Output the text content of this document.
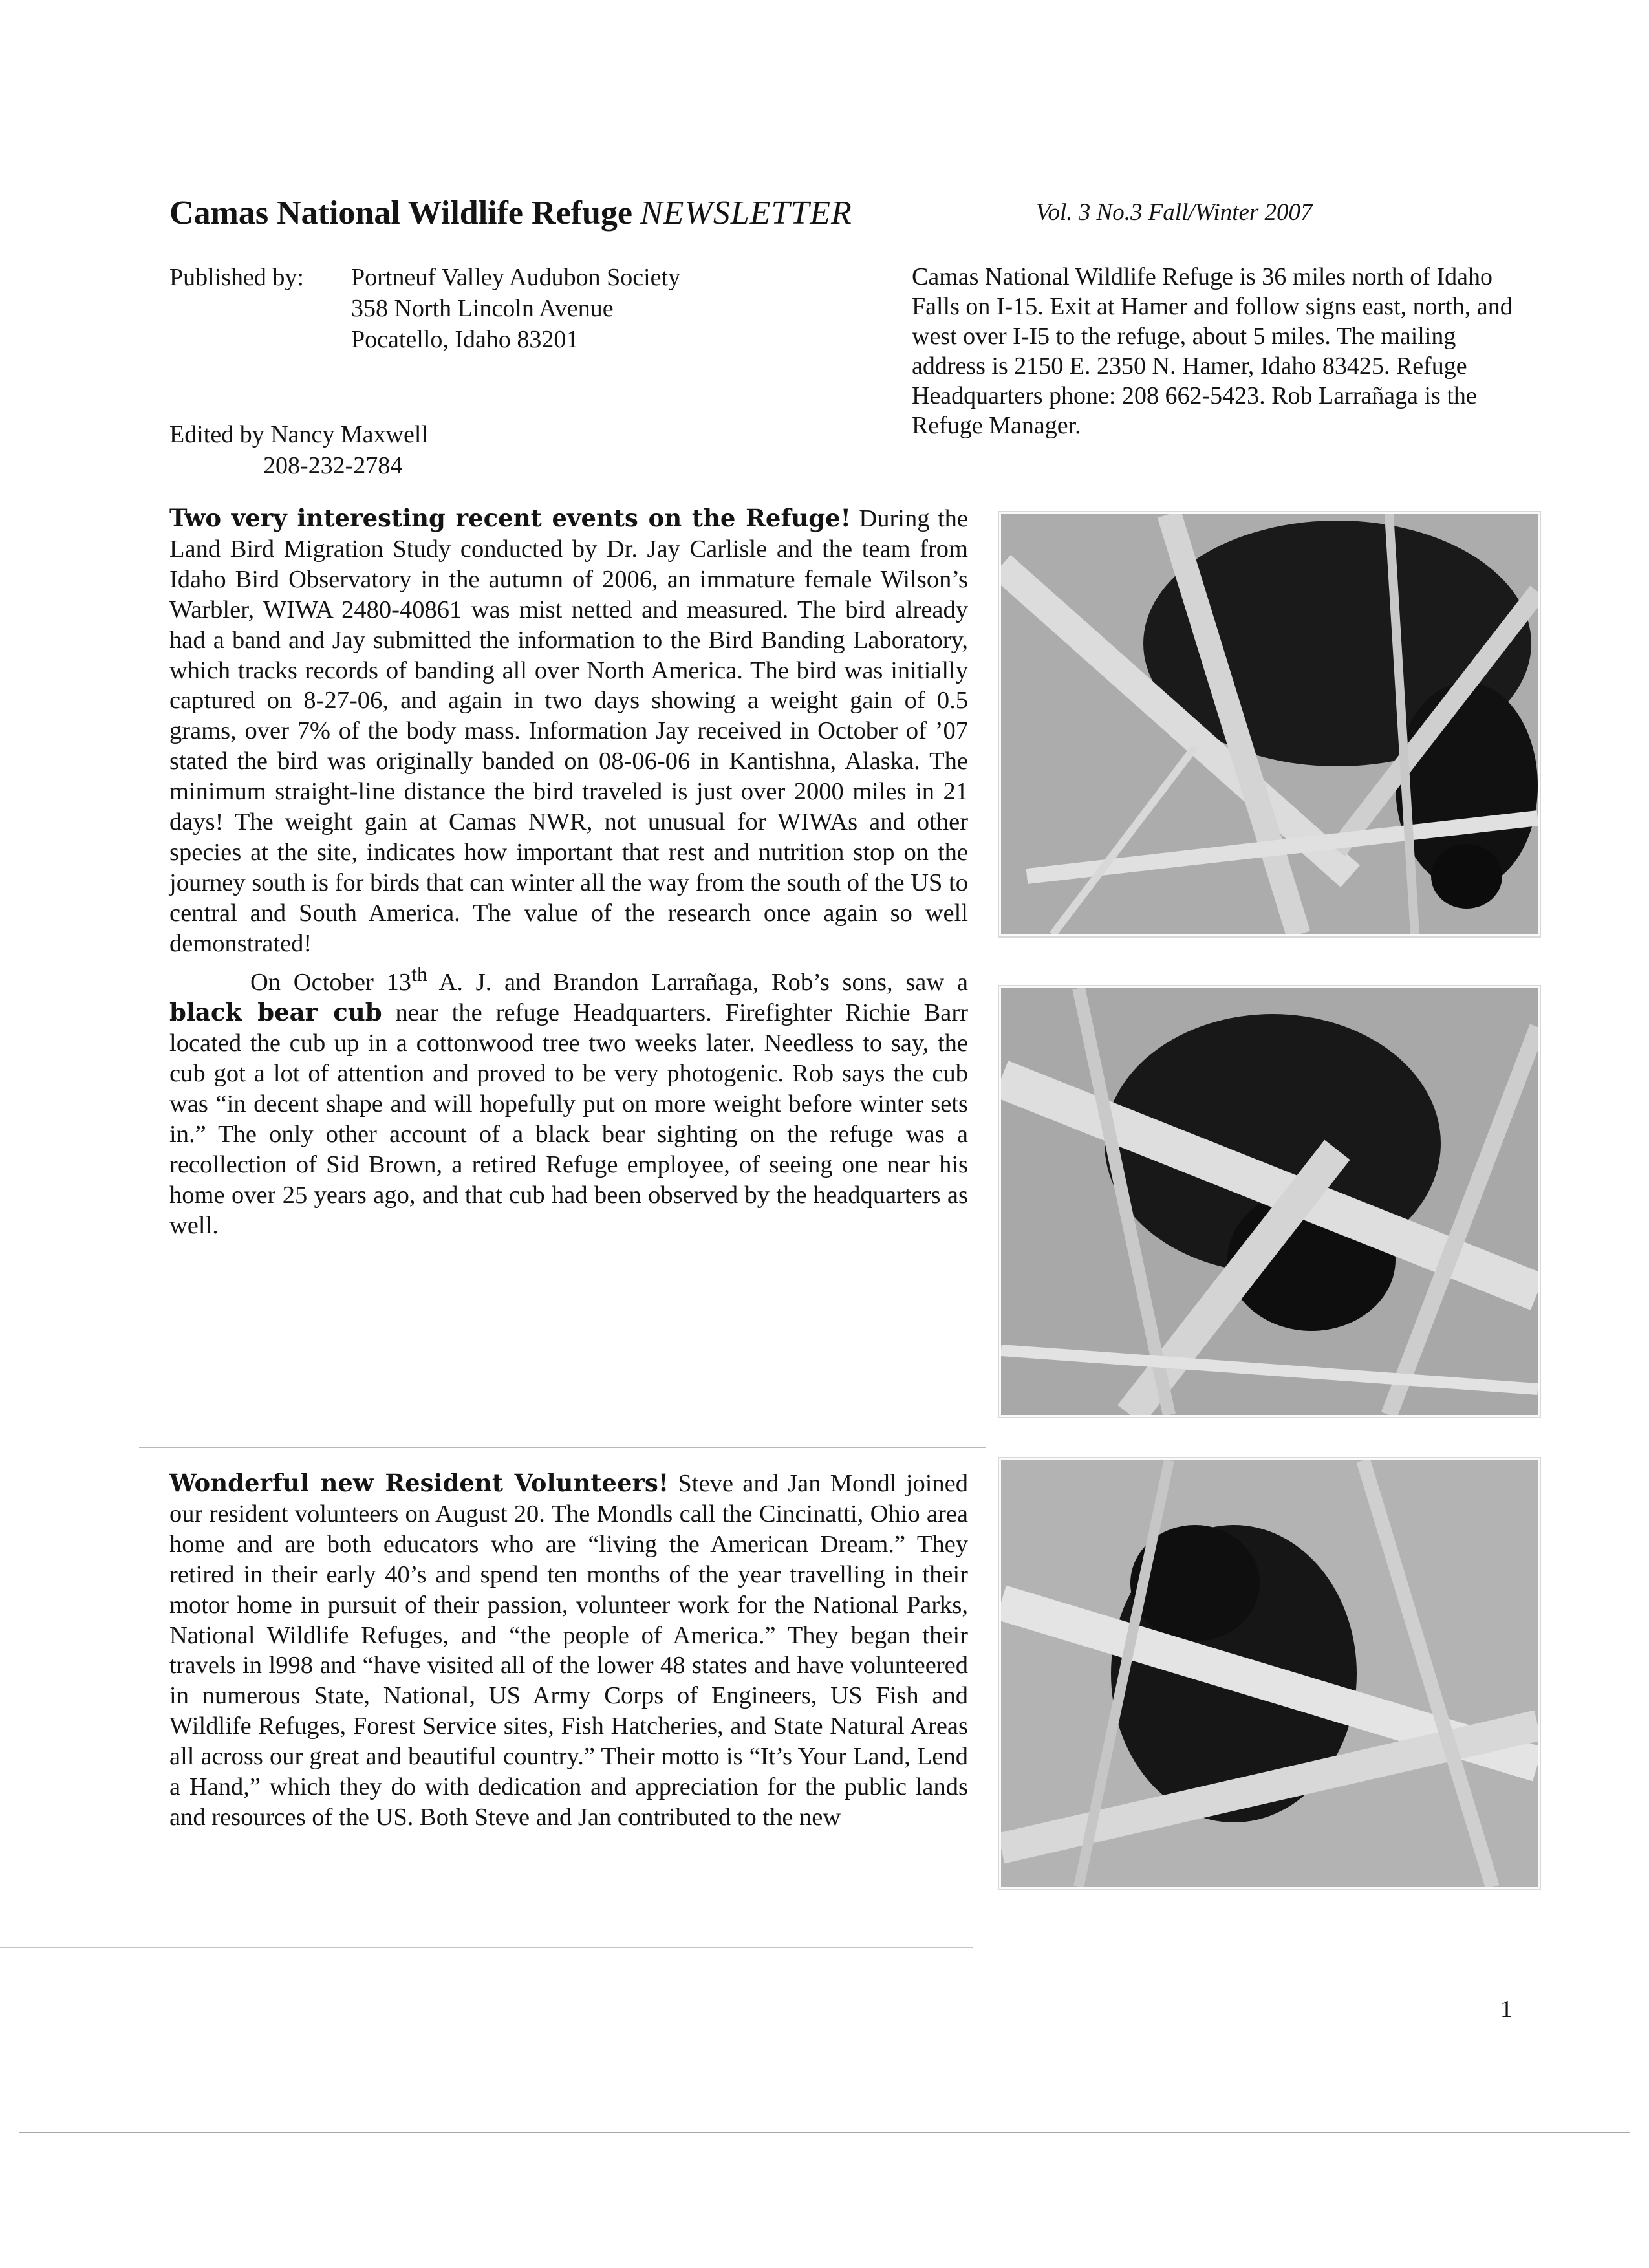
Camas National Wildlife Refuge NEWSLETTER	Vol. 3 No.3 Fall/Winter 2007
Published by: Portneuf Valley Audubon Society
358 North Lincoln Avenue
Pocatello, Idaho 83201
Edited by Nancy Maxwell
208-232-2784
Camas National Wildlife Refuge is 36 miles north of Idaho Falls on I-15. Exit at Hamer and follow signs east, north, and west over I-I5 to the refuge, about 5 miles. The mailing address is 2150 E. 2350 N. Hamer, Idaho 83425. Refuge Headquarters phone: 208 662-5423. Rob Larrañaga is the Refuge Manager.

Two very interesting recent events on the Refuge! During the Land Bird Migration Study conducted by Dr. Jay Carlisle and the team from Idaho Bird Observatory in the autumn of 2006, an immature female Wilson’s Warbler, WIWA 2480-40861 was mist netted and measured. The bird already had a band and Jay submitted the information to the Bird Banding Laboratory, which tracks records of banding all over North America. The bird was initially captured on 8-27-06, and again in two days showing a weight gain of 0.5 grams, over 7% of the body mass. Information Jay received in October of ’07 stated the bird was originally banded on 08-06-06 in Kantishna, Alaska. The minimum straight-line distance the bird traveled is just over 2000 miles in 21 days! The weight gain at Camas NWR, not unusual for WIWAs and other species at the site, indicates how important that rest and nutrition stop on the journey south is for birds that can winter all the way from the south of the US to central and South America. The value of the research once again so well demonstrated!

On October 13th A. J. and Brandon Larrañaga, Rob’s sons, saw a black bear cub near the refuge Headquarters. Firefighter Richie Barr located the cub up in a cottonwood tree two weeks later. Needless to say, the cub got a lot of attention and proved to be very photogenic. Rob says the cub was “in decent shape and will hopefully put on more weight before winter sets in.” The only other account of a black bear sighting on the refuge was a recollection of Sid Brown, a retired Refuge employee, of seeing one near his home over 25 years ago, and that cub had been observed by the headquarters as well.

Wonderful new Resident Volunteers! Steve and Jan Mondl joined our resident volunteers on August 20. The Mondls call the Cincinatti, Ohio area home and are both educators who are “living the American Dream.” They retired in their early 40’s and spend ten months of the year travelling in their motor home in pursuit of their passion, volunteer work for the National Parks, National Wildlife Refuges, and “the people of America.” They began their travels in l998 and “have visited all of the lower 48 states and have volunteered in numerous State, National, US Army Corps of Engineers, US Fish and Wildlife Refuges, Forest Service sites, Fish Hatcheries, and State Natural Areas all across our great and beautiful country.” Their motto is “It’s Your Land, Lend a Hand,” which they do with dedication and appreciation for the public lands and resources of the US. Both Steve and Jan contributed to the new

1
